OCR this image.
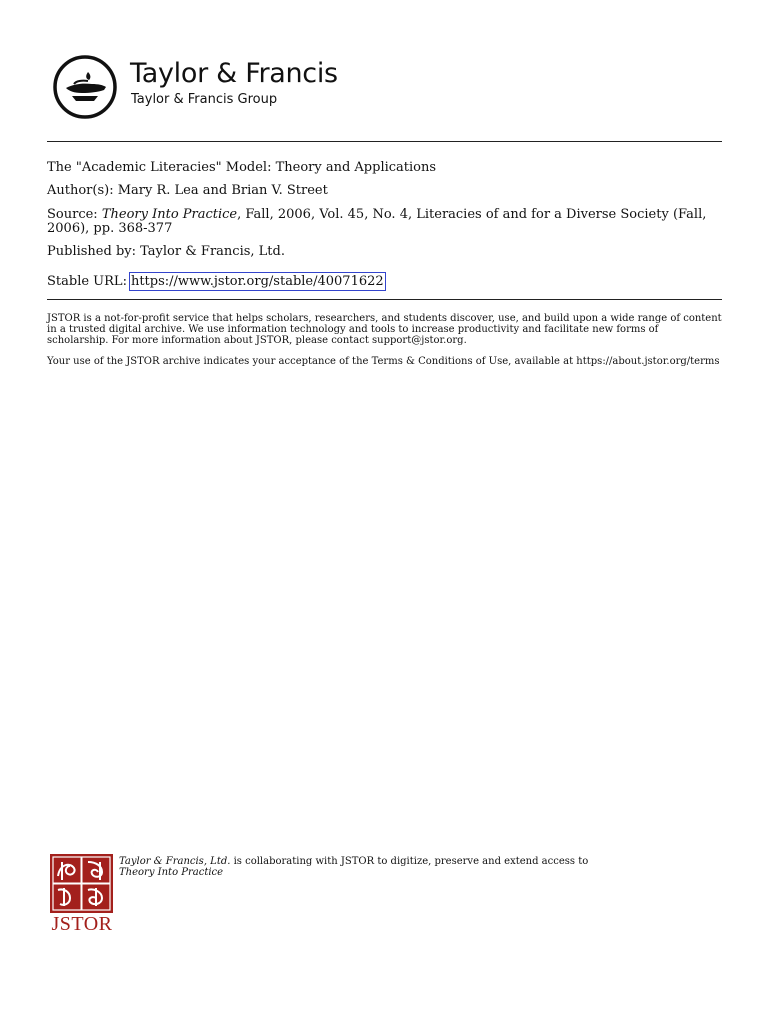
Taylor & Francis
Taylor & Francis Group
The "Academic Literacies" Model: Theory and Applications
Author(s): Mary R. Lea and Brian V. Street
Source: Theory Into Practice, Fall, 2006, Vol. 45, No. 4, Literacies of and for a Diverse Society (Fall, 2006), pp. 368-377
Published by: Taylor & Francis, Ltd.
Stable URL: https://www.jstor.org/stable/40071622
JSTOR is a not-for-profit service that helps scholars, researchers, and students discover, use, and build upon a wide range of content in a trusted digital archive. We use information technology and tools to increase productivity and facilitate new forms of scholarship. For more information about JSTOR, please contact support@jstor.org.
Your use of the JSTOR archive indicates your acceptance of the Terms & Conditions of Use, available at https://about.jstor.org/terms
JSTOR
Taylor & Francis, Ltd. is collaborating with JSTOR to digitize, preserve and extend access to
Theory Into Practice
